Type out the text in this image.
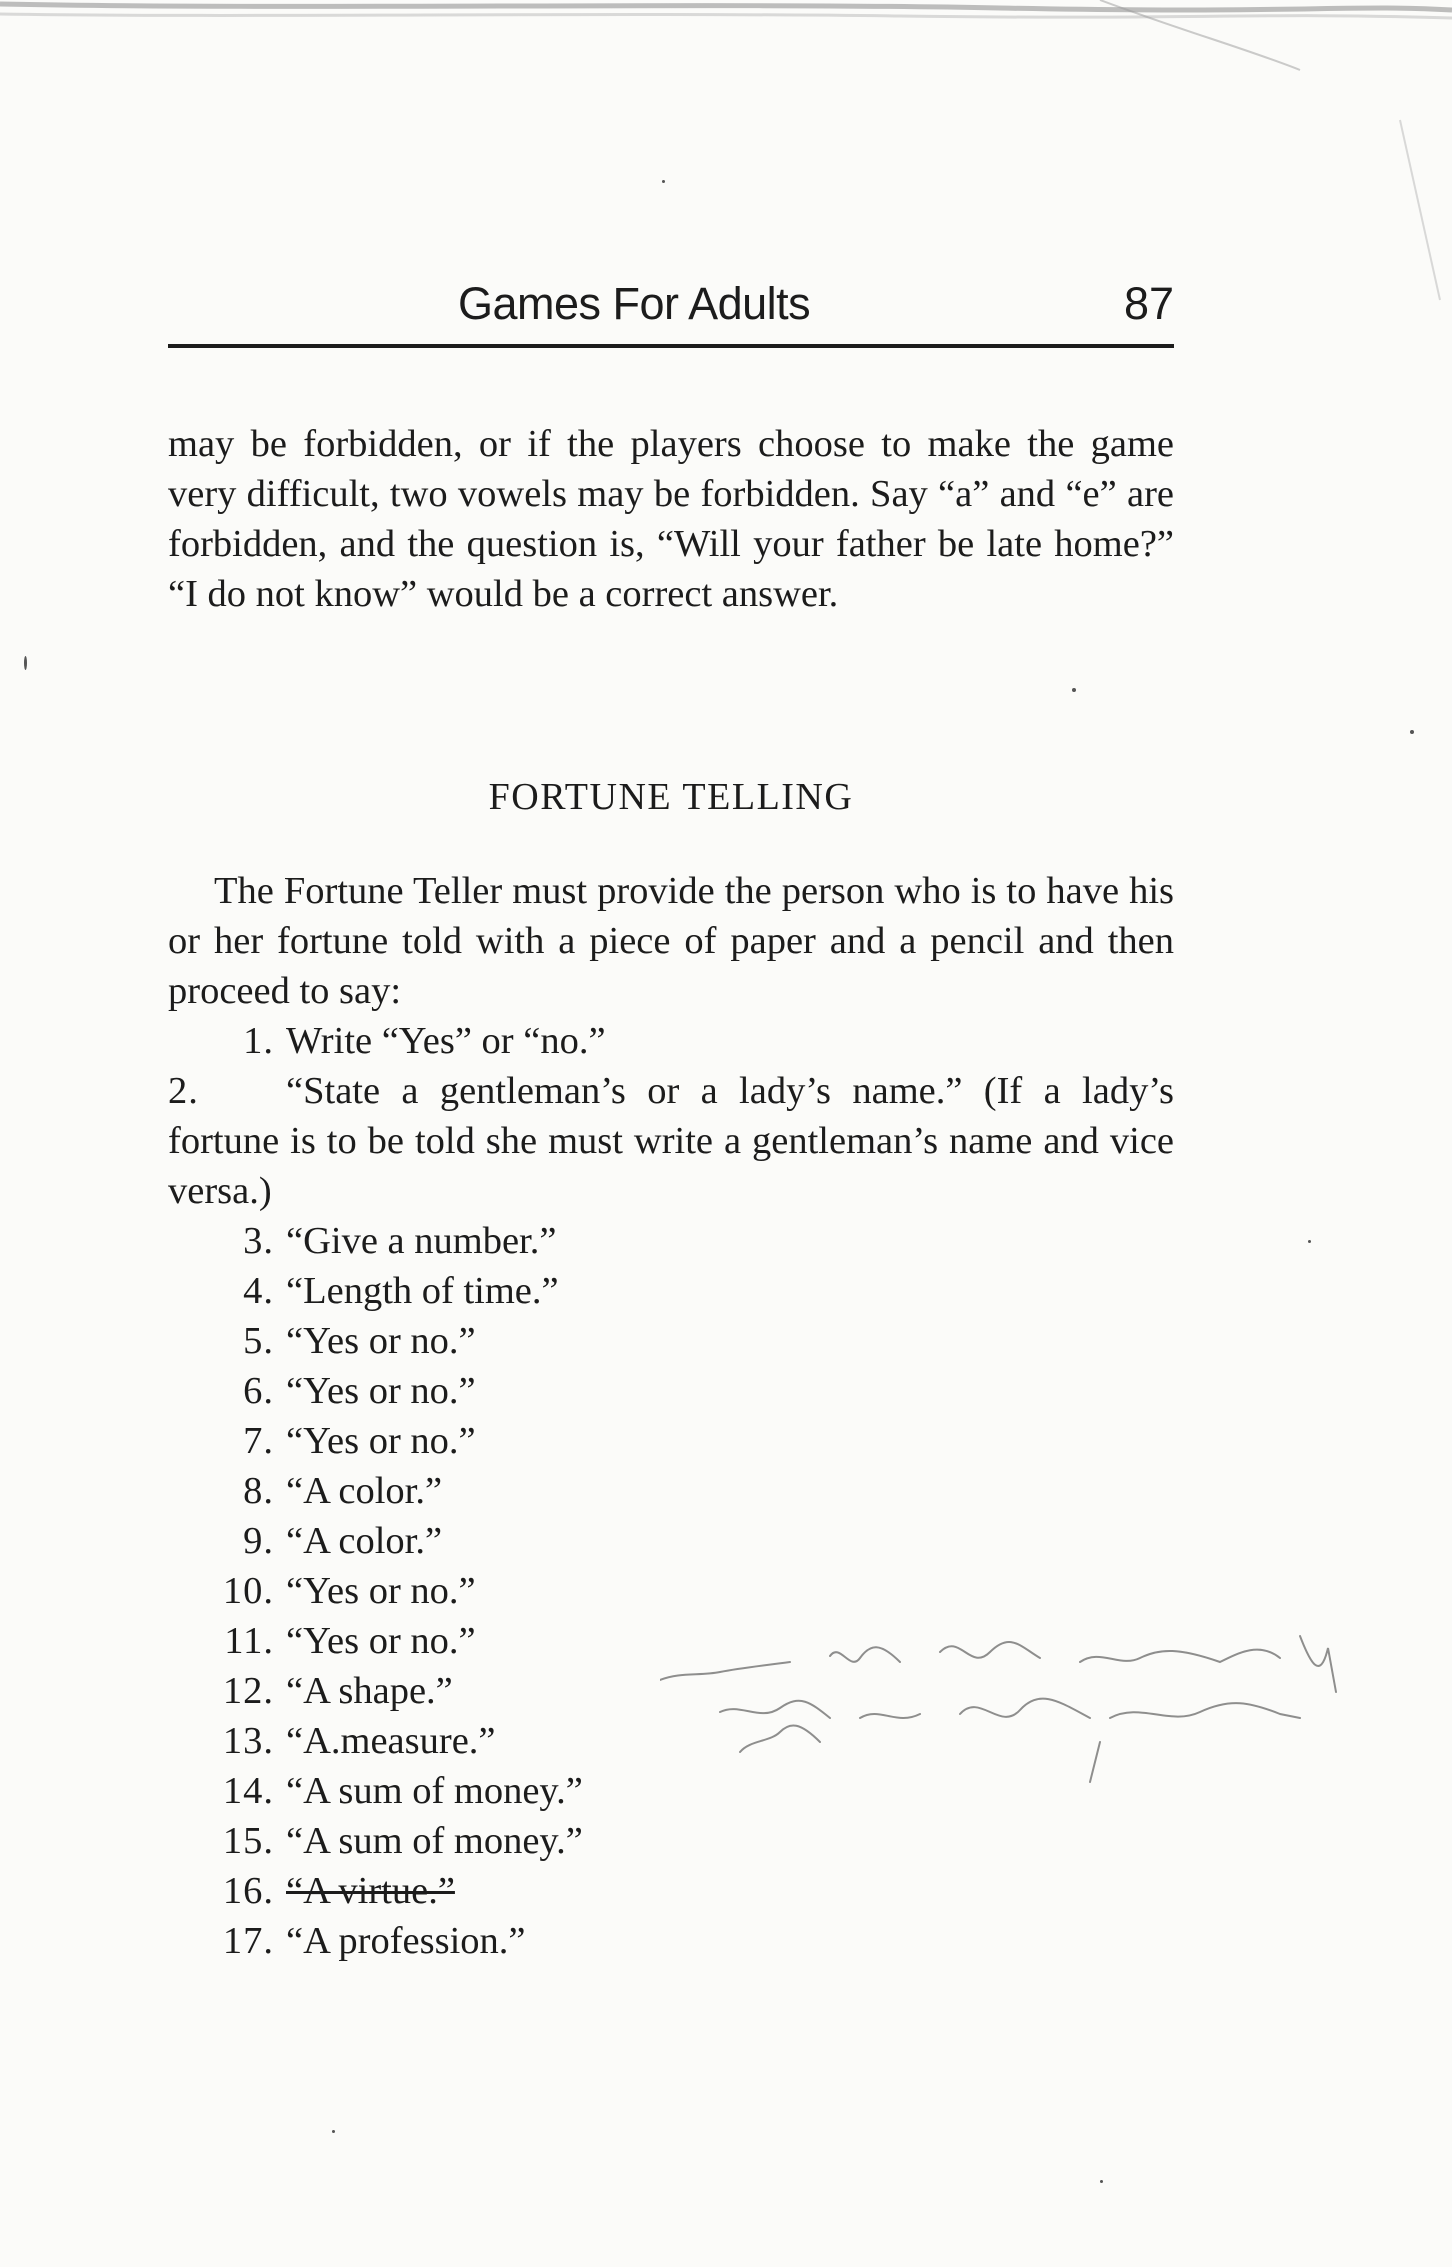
Games For Adults	87

may be forbidden, or if the players choose to make the game very difficult, two vowels may be forbidden. Say “a” and “e” are forbidden, and the question is, “Will your father be late home?” “I do not know” would be a correct answer.

FORTUNE TELLING

The Fortune Teller must provide the person who is to have his or her fortune told with a piece of paper and a pencil and then proceed to say:

1. Write “Yes” or “no.”
2.	“State a gentleman’s or a lady’s name.” (If a lady’s fortune is to be told she must write a gentleman’s name and vice versa.)
3. “Give a number.”
4. “Length of time.”
5. “Yes or no.”
6. “Yes or no.”
7. “Yes or no.”
8. “A color.”
9. “A color.”
10. “Yes or no.”
11. “Yes or no.”
12. “A shape.”
13. “A.measure.”
14. “A sum of money.”
15. “A sum of money.”
16. “A virtue.”
17. “A profession.”
